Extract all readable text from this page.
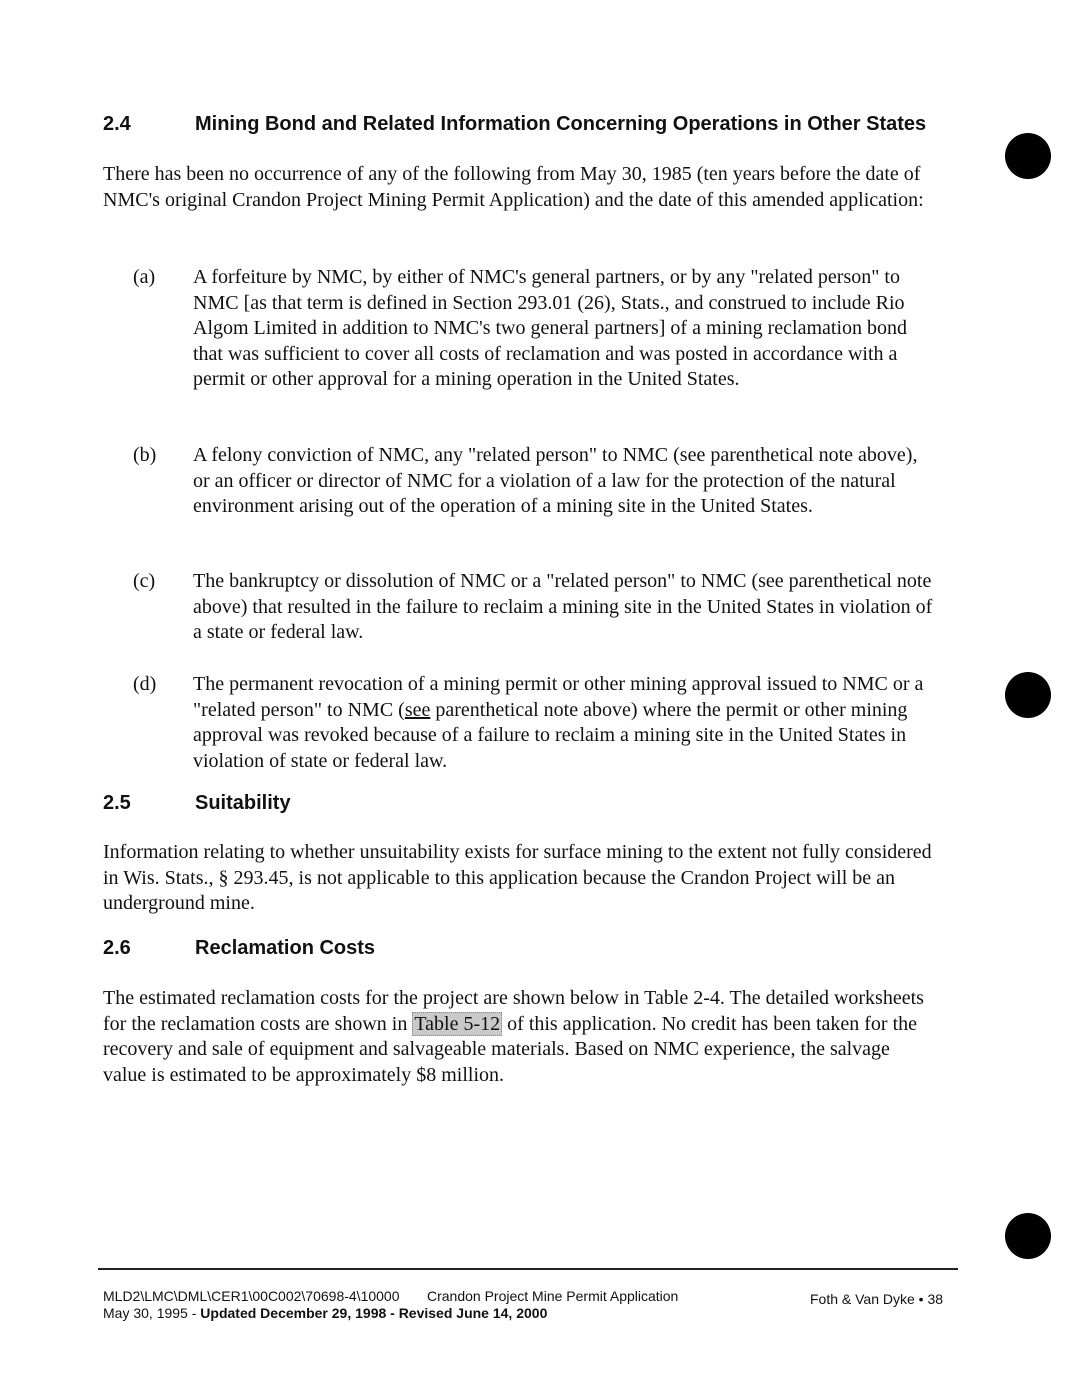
2.4	Mining Bond and Related Information Concerning Operations in Other States

There has been no occurrence of any of the following from May 30, 1985 (ten years before the date of NMC's original Crandon Project Mining Permit Application) and the date of this amended application:

(a) A forfeiture by NMC, by either of NMC's general partners, or by any "related person" to NMC [as that term is defined in Section 293.01 (26), Stats., and construed to include Rio Algom Limited in addition to NMC's two general partners] of a mining reclamation bond that was sufficient to cover all costs of reclamation and was posted in accordance with a permit or other approval for a mining operation in the United States.
(b) A felony conviction of NMC, any "related person" to NMC (see parenthetical note above), or an officer or director of NMC for a violation of a law for the protection of the natural environment arising out of the operation of a mining site in the United States.
(c) The bankruptcy or dissolution of NMC or a "related person" to NMC (see parenthetical note above) that resulted in the failure to reclaim a mining site in the United States in violation of a state or federal law.
(d) The permanent revocation of a mining permit or other mining approval issued to NMC or a "related person" to NMC (see parenthetical note above) where the permit or other mining approval was revoked because of a failure to reclaim a mining site in the United States in violation of state or federal law.
2.5	Suitability

Information relating to whether unsuitability exists for surface mining to the extent not fully considered in Wis. Stats., § 293.45, is not applicable to this application because the Crandon Project will be an underground mine.

2.6	Reclamation Costs

The estimated reclamation costs for the project are shown below in Table 2-4. The detailed worksheets for the reclamation costs are shown in Table 5-12 of this application. No credit has been taken for the recovery and sale of equipment and salvageable materials. Based on NMC experience, the salvage value is estimated to be approximately $8 million.

MLD2\LMC\DML\CER1\00C002\70698-4\10000
May 30, 1995 - Updated December 29, 1998 - Revised June 14, 2000
Crandon Project Mine Permit Application	Foth & Van Dyke • 38
